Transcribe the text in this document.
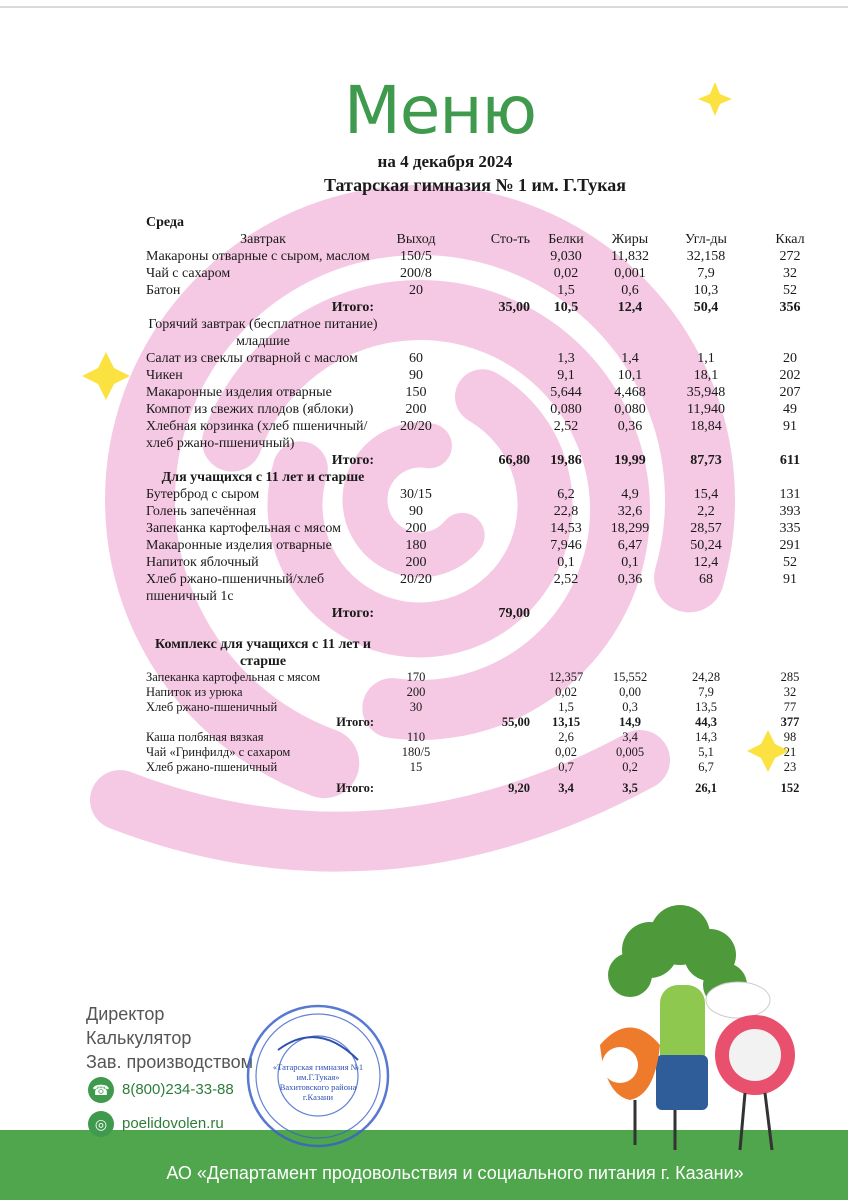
Меню
на 4 декабря 2024
Татарская гимназия № 1 им. Г.Тукая
Среда						
Завтрак	Выход	Сто-ть	Белки	Жиры	Угл-ды	Ккал
Макароны отварные с сыром, маслом	150/5		9,030	11,832	32,158	272
Чай с сахаром	200/8		0,02	0,001	7,9	32
Батон	20		1,5	0,6	10,3	52
Итого:		35,00	10,5	12,4	50,4	356
Горячий завтрак (бесплатное питание) младшие						
Салат из свеклы отварной с маслом	60		1,3	1,4	1,1	20
Чикен	90		9,1	10,1	18,1	202
Макаронные изделия отварные	150		5,644	4,468	35,948	207
Компот из свежих плодов (яблоки)	200		0,080	0,080	11,940	49
Хлебная корзинка (хлеб пшеничный/хлеб ржано-пшеничный)	20/20		2,52	0,36	18,84	91
Итого:		66,80	19,86	19,99	87,73	611
Для учащихся с 11 лет и старше						
Бутерброд с сыром	30/15		6,2	4,9	15,4	131
Голень запечённая	90		22,8	32,6	2,2	393
Запеканка картофельная с мясом	200		14,53	18,299	28,57	335
Макаронные изделия отварные	180		7,946	6,47	50,24	291
Напиток яблочный	200		0,1	0,1	12,4	52
Хлеб ржано-пшеничный/хлеб пшеничный 1с	20/20		2,52	0,36	68	91
Итого:		79,00				

Комплекс для учащихся с 11 лет и старше						
Запеканка картофельная с мясом	170		12,357	15,552	24,28	285
Напиток из урюка	200		0,02	0,00	7,9	32
Хлеб ржано-пшеничный	30		1,5	0,3	13,5	77
Итого:		55,00	13,15	14,9	44,3	377
Каша полбяная вязкая	110		2,6	3,4	14,3	98
Чай «Гринфилд» с сахаром	180/5		0,02	0,005	5,1	21
Хлеб ржано-пшеничный	15		0,7	0,2	6,7	23

Итого:		9,20	3,4	3,5	26,1	152
Директор
Калькулятор
Зав. производством
☎ 8(800)234-33-88
◎ poelidovolen.ru
АО «Департамент продовольствия и социального питания г. Казани»
«Татарская гимназия №1
им.Г.Тукая»
Вахитовского района
г.Казани
